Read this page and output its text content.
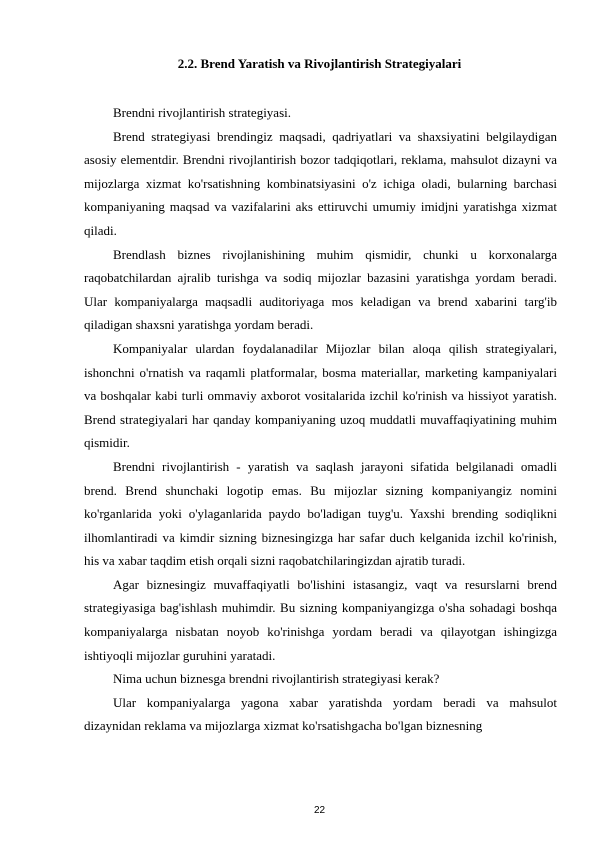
2.2. Brend Yaratish va Rivojlantirish Strategiyalari

Brendni rivojlantirish strategiyasi.

Brend strategiyasi brendingiz maqsadi, qadriyatlari va shaxsiyatini belgilaydigan asosiy elementdir. Brendni rivojlantirish bozor tadqiqotlari, reklama, mahsulot dizayni va mijozlarga xizmat ko'rsatishning kombinatsiyasini o'z ichiga oladi, bularning barchasi kompaniyaning maqsad va vazifalarini aks ettiruvchi umumiy imidjni yaratishga xizmat qiladi.

Brendlash biznes rivojlanishining muhim qismidir, chunki u korxonalarga raqobatchilardan ajralib turishga va sodiq mijozlar bazasini yaratishga yordam beradi. Ular kompaniyalarga maqsadli auditoriyaga mos keladigan va brend xabarini targ'ib qiladigan shaxsni yaratishga yordam beradi.

Kompaniyalar ulardan foydalanadilar Mijozlar bilan aloqa qilish strategiyalari, ishonchni o'rnatish va raqamli platformalar, bosma materiallar, marketing kampaniyalari va boshqalar kabi turli ommaviy axborot vositalarida izchil ko'rinish va hissiyot yaratish. Brend strategiyalari har qanday kompaniyaning uzoq muddatli muvaffaqiyatining muhim qismidir.

Brendni rivojlantirish - yaratish va saqlash jarayoni sifatida belgilanadi omadli brend. Brend shunchaki logotip emas. Bu mijozlar sizning kompaniyangiz nomini ko'rganlarida yoki o'ylaganlarida paydo bo'ladigan tuyg'u. Yaxshi brending sodiqlikni ilhomlantiradi va kimdir sizning biznesingizga har safar duch kelganida izchil ko'rinish, his va xabar taqdim etish orqali sizni raqobatchilaringizdan ajratib turadi.

Agar biznesingiz muvaffaqiyatli bo'lishini istasangiz, vaqt va resurslarni brend strategiyasiga bag'ishlash muhimdir. Bu sizning kompaniyangizga o'sha sohadagi boshqa kompaniyalarga nisbatan noyob ko'rinishga yordam beradi va qilayotgan ishingizga ishtiyoqli mijozlar guruhini yaratadi.

Nima uchun biznesga brendni rivojlantirish strategiyasi kerak?

Ular kompaniyalarga yagona xabar yaratishda yordam beradi va mahsulot dizaynidan reklama va mijozlarga xizmat ko'rsatishgacha bo'lgan biznesning

22
